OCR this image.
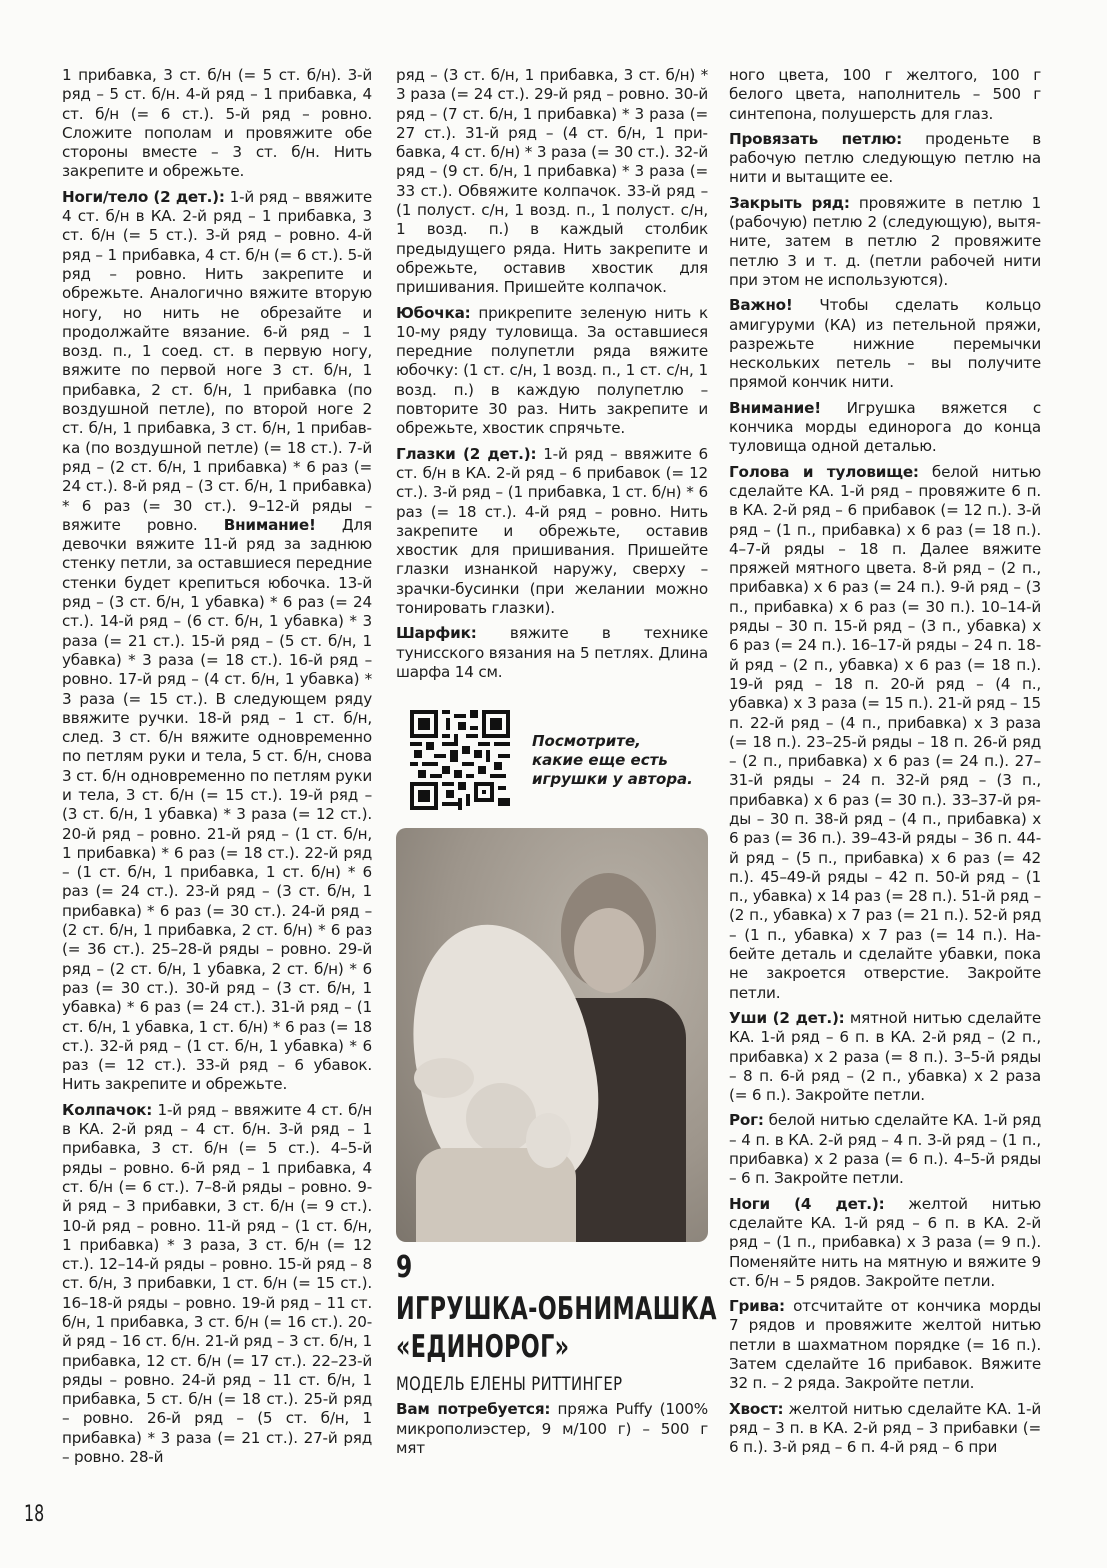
1 прибавка, 3 ст. б/н (= 5 ст. б/н). 3-й ряд – 5 ст. б/н. 4-й ряд – 1 прибавка, 4 ст. б/н (= 6 ст.). 5-й ряд – ровно. Сложите пополам и провяжите обе стороны вместе – 3 ст. б/н. Нить закрепите и обрежьте.

Ноги/тело (2 дет.): 1-й ряд – ввяжите 4 ст. б/н в КА. 2-й ряд – 1 прибавка, 3 ст. б/н (= 5 ст.). 3-й ряд – ровно. 4-й ряд – 1 прибавка, 4 ст. б/н (= 6 ст.). 5-й ряд – ровно. Нить закрепите и обрежьте. Аналогично вяжите вторую ногу, но нить не обрезайте и продолжайте вязание. 6-й ряд – 1 возд. п., 1 соед. ст. в первую ногу, вяжите по первой ноге 3 ст. б/н, 1 прибавка, 2 ст. б/н, 1 прибавка (по воздушной петле), по второй ноге 2 ст. б/н, 1 прибавка, 3 ст. б/н, 1 прибавка (по воздушной петле) (= 18 ст.). 7-й ряд – (2 ст. б/н, 1 прибавка) * 6 раз (= 24 ст.). 8-й ряд – (3 ст. б/н, 1 прибавка) * 6 раз (= 30 ст.). 9–12-й ряды – вяжите ровно. Внимание! Для девочки вяжите 11-й ряд за заднюю стенку петли, за оставшиеся передние стенки будет крепиться юбочка. 13-й ряд – (3 ст. б/н, 1 убавка) * 6 раз (= 24 ст.). 14-й ряд – (6 ст. б/н, 1 убавка) * 3 раза (= 21 ст.). 15-й ряд – (5 ст. б/н, 1 убавка) * 3 раза (= 18 ст.). 16-й ряд – ровно. 17-й ряд – (4 ст. б/н, 1 убавка) * 3 раза (= 15 ст.). В следующем ряду ввяжите ручки. 18-й ряд – 1 ст. б/н, след. 3 ст. б/н вяжите одновременно по петлям руки и тела, 5 ст. б/н, снова 3 ст. б/н одновременно по петлям руки и тела, 3 ст. б/н (= 15 ст.). 19-й ряд – (3 ст. б/н, 1 убавка) * 3 раза (= 12 ст.). 20-й ряд – ровно. 21-й ряд – (1 ст. б/н, 1 прибавка) * 6 раз (= 18 ст.). 22-й ряд – (1 ст. б/н, 1 прибавка, 1 ст. б/н) * 6 раз (= 24 ст.). 23-й ряд – (3 ст. б/н, 1 прибавка) * 6 раз (= 30 ст.). 24-й ряд – (2 ст. б/н, 1 прибавка, 2 ст. б/н) * 6 раз (= 36 ст.). 25–28-й ряды – ровно. 29-й ряд – (2 ст. б/н, 1 убавка, 2 ст. б/н) * 6 раз (= 30 ст.). 30-й ряд – (3 ст. б/н, 1 убавка) * 6 раз (= 24 ст.). 31-й ряд – (1 ст. б/н, 1 убавка, 1 ст. б/н) * 6 раз (= 18 ст.). 32-й ряд – (1 ст. б/н, 1 убавка) * 6 раз (= 12 ст.). 33-й ряд – 6 убавок. Нить закрепите и обрежьте.

Колпачок: 1-й ряд – ввяжите 4 ст. б/н в КА. 2-й ряд – 4 ст. б/н. 3-й ряд – 1 прибавка, 3 ст. б/н (= 5 ст.). 4–5-й ряды – ровно. 6-й ряд – 1 прибавка, 4 ст. б/н (= 6 ст.). 7–8-й ряды – ровно. 9-й ряд – 3 прибавки, 3 ст. б/н (= 9 ст.). 10-й ряд – ровно. 11-й ряд – (1 ст. б/н, 1 прибавка) * 3 раза, 3 ст. б/н (= 12 ст.). 12–14-й ряды – ровно. 15-й ряд – 8 ст. б/н, 3 прибавки, 1 ст. б/н (= 15 ст.). 16–18-й ряды – ровно. 19-й ряд – 11 ст. б/н, 1 прибавка, 3 ст. б/н (= 16 ст.). 20-й ряд – 16 ст. б/н. 21-й ряд – 3 ст. б/н, 1 прибавка, 12 ст. б/н (= 17 ст.). 22–23-й ряды – ровно. 24-й ряд – 11 ст. б/н, 1 прибавка, 5 ст. б/н (= 18 ст.). 25-й ряд – ровно. 26-й ряд – (5 ст. б/н, 1 прибавка) * 3 раза (= 21 ст.). 27-й ряд – ровно. 28-й

ряд – (3 ст. б/н, 1 прибавка, 3 ст. б/н) * 3 раза (= 24 ст.). 29-й ряд – ровно. 30-й ряд – (7 ст. б/н, 1 прибавка) * 3 раза (= 27 ст.). 31-й ряд – (4 ст. б/н, 1 прибавка, 4 ст. б/н) * 3 раза (= 30 ст.). 32-й ряд – (9 ст. б/н, 1 прибавка) * 3 раза (= 33 ст.). Обвяжите колпачок. 33-й ряд – (1 полуст. с/н, 1 возд. п., 1 полуст. с/н, 1 возд. п.) в каждый столбик предыдущего ряда. Нить закрепите и обрежьте, оставив хвостик для пришивания. Пришейте колпачок.

Юбочка: прикрепите зеленую нить к 10-му ряду туловища. За оставшиеся передние полупетли ряда вяжите юбочку: (1 ст. с/н, 1 возд. п., 1 ст. с/н, 1 возд. п.) в каждую полупетлю – повторите 30 раз. Нить закрепите и обрежьте, хвостик спрячьте.

Глазки (2 дет.): 1-й ряд – ввяжите 6 ст. б/н в КА. 2-й ряд – 6 прибавок (= 12 ст.). 3-й ряд – (1 прибавка, 1 ст. б/н) * 6 раз (= 18 ст.). 4-й ряд – ровно. Нить закрепите и обрежьте, оставив хвостик для пришивания. Пришейте глазки изнанкой наружу, сверху – зрачки-бусинки (при желании можно тонировать глазки).

Шарфик: вяжите в технике тунисского вязания на 5 петлях. Длина шарфа 14 см.

Посмотрите,
какие еще есть
игрушки у автора.
9
ИГРУШКА-ОБНИМАШКА
«ЕДИНОРОГ»
МОДЕЛЬ ЕЛЕНЫ РИТТИНГЕР

Вам потребуется: пряжа Puffy (100% микрополиэстер, 9 м/100 г) – 500 г мят

ного цвета, 100 г желтого, 100 г белого цвета, наполнитель – 500 г синтепона, полушерсть для глаз.

Провязать петлю: проденьте в рабочую петлю следующую петлю на нити и вытащите ее.

Закрыть ряд: провяжите в петлю 1 (рабочую) петлю 2 (следующую), вытяните, затем в петлю 2 провяжите петлю 3 и т. д. (петли рабочей нити при этом не используются).

Важно! Чтобы сделать кольцо амигуруми (КА) из петельной пряжи, разрежьте нижние перемычки нескольких петель – вы получите прямой кончик нити.

Внимание! Игрушка вяжется с кончика морды единорога до конца туловища одной деталью.

Голова и туловище: белой нитью сделайте КА. 1-й ряд – провяжите 6 п. в КА. 2-й ряд – 6 прибавок (= 12 п.). 3-й ряд – (1 п., прибавка) x 6 раз (= 18 п.). 4–7-й ряды – 18 п. Далее вяжите пряжей мятного цвета. 8-й ряд – (2 п., прибавка) x 6 раз (= 24 п.). 9-й ряд – (3 п., прибавка) x 6 раз (= 30 п.). 10–14-й ряды – 30 п. 15-й ряд – (3 п., убавка) x 6 раз (= 24 п.). 16–17-й ряды – 24 п. 18-й ряд – (2 п., убавка) x 6 раз (= 18 п.). 19-й ряд – 18 п. 20-й ряд – (4 п., убавка) x 3 раза (= 15 п.). 21-й ряд – 15 п. 22-й ряд – (4 п., прибавка) x 3 раза (= 18 п.). 23–25-й ряды – 18 п. 26-й ряд – (2 п., прибавка) x 6 раз (= 24 п.). 27–31-й ряды – 24 п. 32-й ряд – (3 п., прибавка) x 6 раз (= 30 п.). 33–37-й ряды – 30 п. 38-й ряд – (4 п., прибавка) x 6 раз (= 36 п.). 39–43-й ряды – 36 п. 44-й ряд – (5 п., прибавка) x 6 раз (= 42 п.). 45–49-й ряды – 42 п. 50-й ряд – (1 п., убавка) x 14 раз (= 28 п.). 51-й ряд – (2 п., убавка) x 7 раз (= 21 п.). 52-й ряд – (1 п., убавка) x 7 раз (= 14 п.). Набейте деталь и сделайте убавки, пока не закроется отверстие. Закройте петли.

Уши (2 дет.): мятной нитью сделайте КА. 1-й ряд – 6 п. в КА. 2-й ряд – (2 п., прибавка) x 2 раза (= 8 п.). 3–5-й ряды – 8 п. 6-й ряд – (2 п., убавка) x 2 раза (= 6 п.). Закройте петли.

Рог: белой нитью сделайте КА. 1-й ряд – 4 п. в КА. 2-й ряд – 4 п. 3-й ряд – (1 п., прибавка) x 2 раза (= 6 п.). 4–5-й ряды – 6 п. Закройте петли.

Ноги (4 дет.): желтой нитью сделайте КА. 1-й ряд – 6 п. в КА. 2-й ряд – (1 п., прибавка) x 3 раза (= 9 п.). Поменяйте нить на мятную и вяжите 9 ст. б/н – 5 рядов. Закройте петли.

Грива: отсчитайте от кончика морды 7 рядов и провяжите желтой нитью петли в шахматном порядке (= 16 п.). Затем сделайте 16 прибавок. Вяжите 32 п. – 2 ряда. Закройте петли.

Хвост: желтой нитью сделайте КА. 1-й ряд – 3 п. в КА. 2-й ряд – 3 прибавки (= 6 п.). 3-й ряд – 6 п. 4-й ряд – 6 при

18
